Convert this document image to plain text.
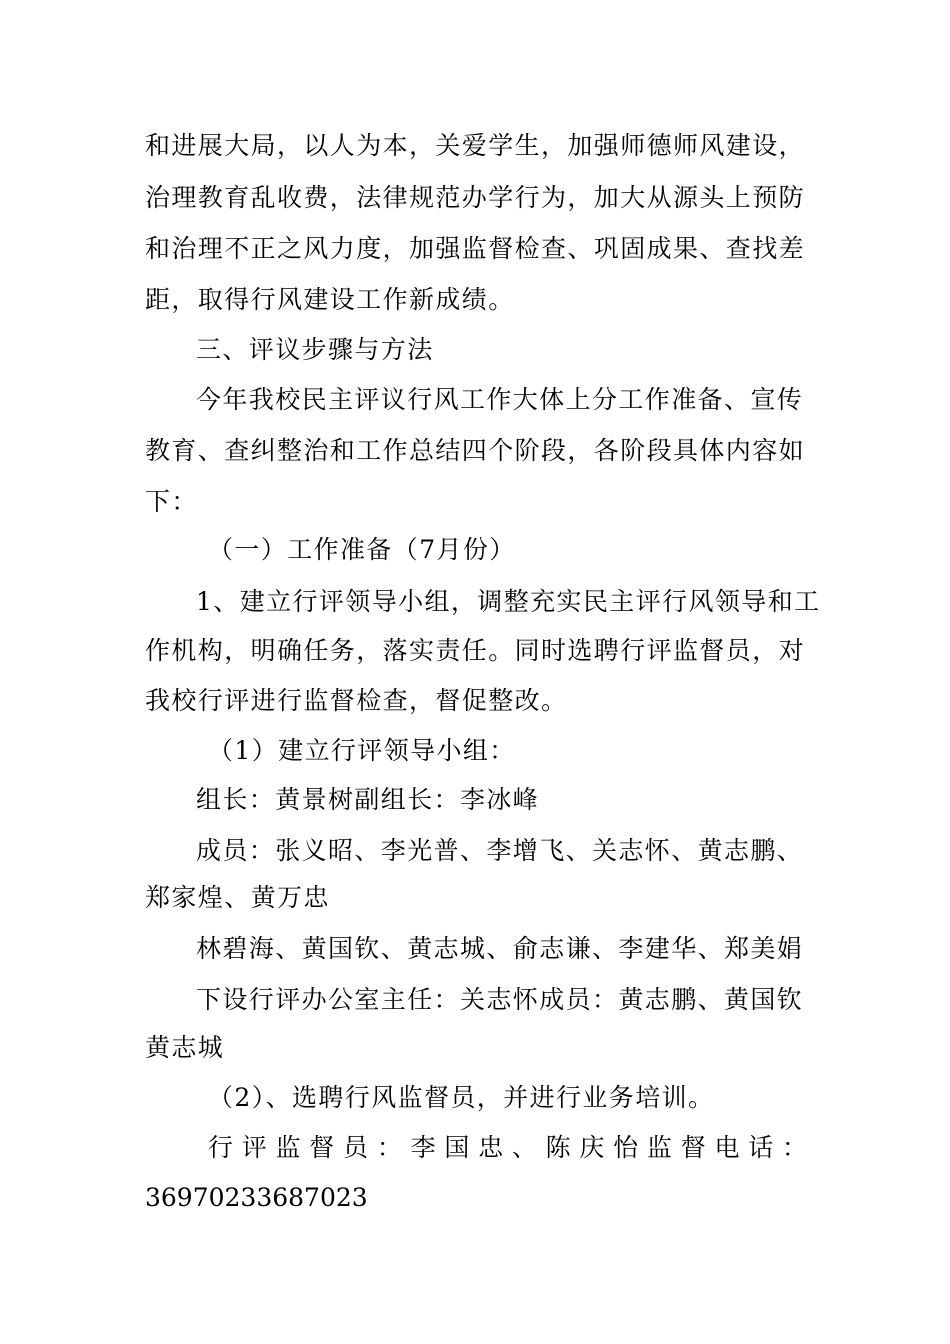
和进展大局，以人为本，关爱学生，加强师德师风建设，
治理教育乱收费，法律规范办学行为，加大从源头上预防
和治理不正之风力度，加强监督检查、巩固成果、查找差
距，取得行风建设工作新成绩。
三、评议步骤与方法
今年我校民主评议行风工作大体上分工作准备、宣传
教育、查纠整治和工作总结四个阶段，各阶段具体内容如
下：
（一）工作准备（7月份）
1、建立行评领导小组，调整充实民主评行风领导和工
作机构，明确任务，落实责任。同时选聘行评监督员，对
我校行评进行监督检查，督促整改。
（1）建立行评领导小组：
组长：黄景树副组长：李冰峰
成员：张义昭、李光普、李增飞、关志怀、黄志鹏、
郑家煌、黄万忠
林碧海、黄国钦、黄志城、俞志谦、李建华、郑美娟
下设行评办公室主任：关志怀成员：黄志鹏、黄国钦
黄志城
（2）、选聘行风监督员，并进行业务培训。
行评监督员：李国忠、陈庆怡监督电话：
36970233687023
